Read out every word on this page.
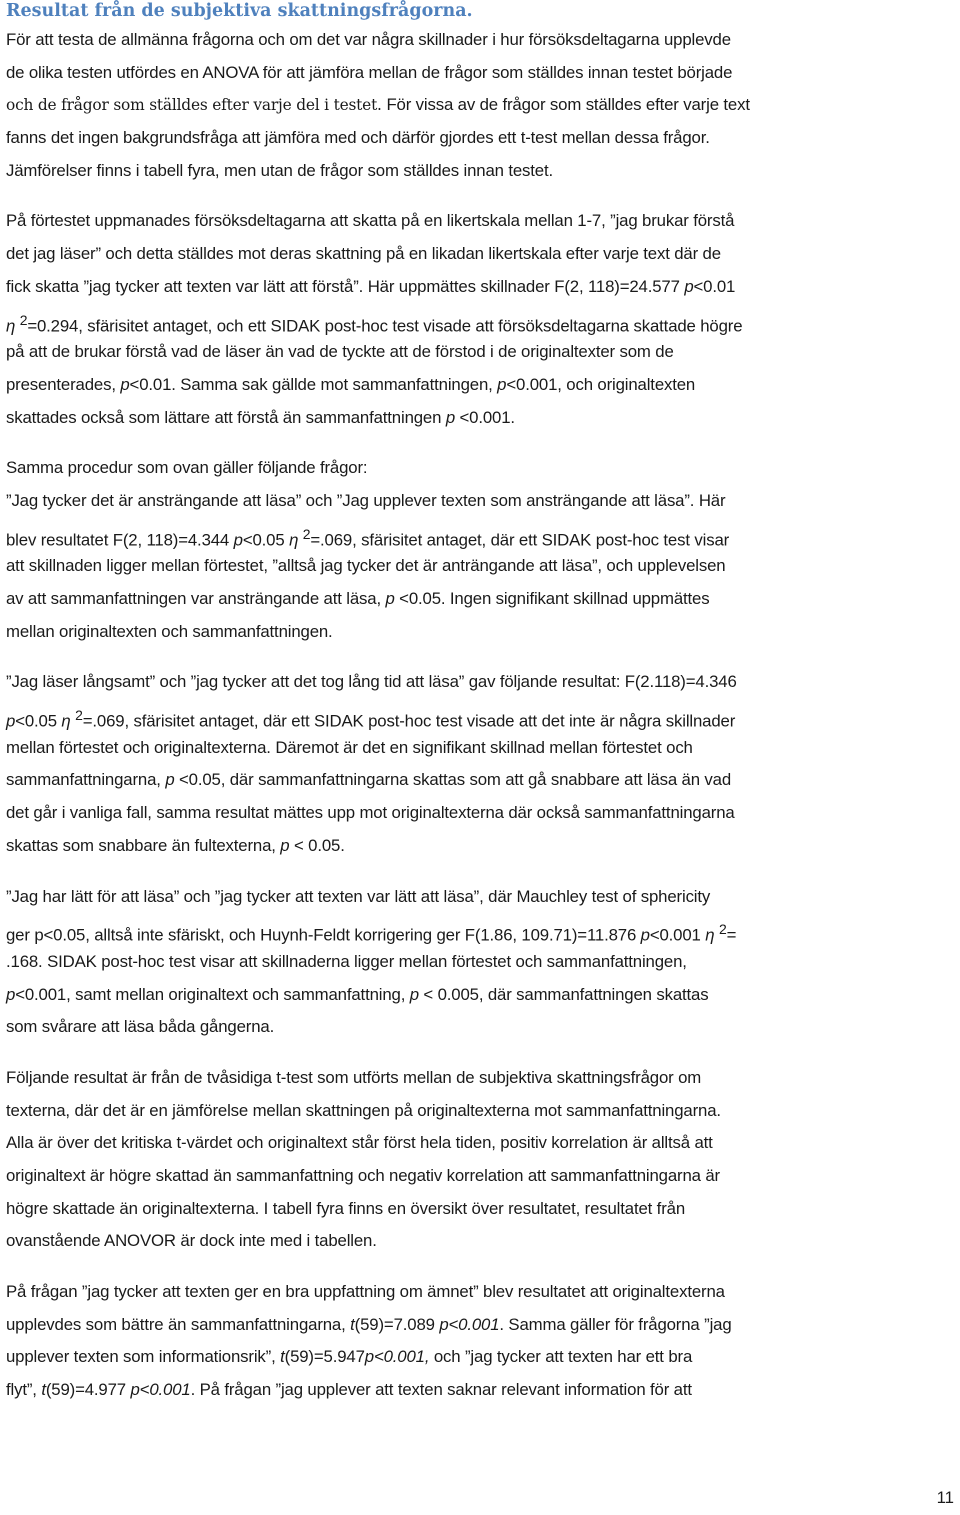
Resultat från de subjektiva skattningsfrågorna.
För att testa de allmänna frågorna och om det var några skillnader i hur försöksdeltagarna upplevde
de olika testen utfördes en ANOVA för att jämföra mellan de frågor som ställdes innan testet började
och de frågor som ställdes efter varje del i testet. För vissa av de frågor som ställdes efter varje text
fanns det ingen bakgrundsfråga att jämföra med och därför gjordes ett t-test mellan dessa frågor.
Jämförelser finns i tabell fyra, men utan de frågor som ställdes innan testet.
På förtestet uppmanades försöksdeltagarna att skatta på en likertskala mellan 1-7, ”jag brukar förstå
det jag läser” och detta ställdes mot deras skattning på en likadan likertskala efter varje text där de
fick skatta ”jag tycker att texten var lätt att förstå”. Här uppmättes skillnader F(2, 118)=24.577 p<0.01
η $^2$=0.294, sfärisitet antaget, och ett SIDAK post-hoc test visade att försöksdeltagarna skattade högre
på att de brukar förstå vad de läser än vad de tyckte att de förstod i de originaltexter som de
presenterades, p<0.01. Samma sak gällde mot sammanfattningen, p<0.001, och originaltexten
skattades också som lättare att förstå än sammanfattningen p <0.001.
Samma procedur som ovan gäller följande frågor:
”Jag tycker det är ansträngande att läsa” och ”Jag upplever texten som ansträngande att läsa”. Här
blev resultatet F(2, 118)=4.344 p<0.05 η $^2$=.069, sfärisitet antaget, där ett SIDAK post-hoc test visar
att skillnaden ligger mellan förtestet, ”alltså jag tycker det är anträngande att läsa”, och upplevelsen
av att sammanfattningen var ansträngande att läsa, p <0.05. Ingen signifikant skillnad uppmättes
mellan originaltexten och sammanfattningen.
”Jag läser långsamt” och ”jag tycker att det tog lång tid att läsa” gav följande resultat: F(2.118)=4.346
p<0.05 η $^2$=.069, sfärisitet antaget, där ett SIDAK post-hoc test visade att det inte är några skillnader
mellan förtestet och originaltexterna. Däremot är det en signifikant skillnad mellan förtestet och
sammanfattningarna, p <0.05, där sammanfattningarna skattas som att gå snabbare att läsa än vad
det går i vanliga fall, samma resultat mättes upp mot originaltexterna där också sammanfattningarna
skattas som snabbare än fultexterna, p < 0.05.
”Jag har lätt för att läsa” och ”jag tycker att texten var lätt att läsa”, där Mauchley test of sphericity
ger p<0.05, alltså inte sfäriskt, och Huynh-Feldt korrigering ger F(1.86, 109.71)=11.876 p<0.001 η $^2$=
.168. SIDAK post-hoc test visar att skillnaderna ligger mellan förtestet och sammanfattningen,
p<0.001, samt mellan originaltext och sammanfattning, p < 0.005, där sammanfattningen skattas
som svårare att läsa båda gångerna.
Följande resultat är från de tvåsidiga t-test som utförts mellan de subjektiva skattningsfrågor om
texterna, där det är en jämförelse mellan skattningen på originaltexterna mot sammanfattningarna.
Alla är över det kritiska t-värdet och originaltext står först hela tiden, positiv korrelation är alltså att
originaltext är högre skattad än sammanfattning och negativ korrelation att sammanfattningarna är
högre skattade än originaltexterna. I tabell fyra finns en översikt över resultatet, resultatet från
ovanstående ANOVOR är dock inte med i tabellen.
På frågan ”jag tycker att texten ger en bra uppfattning om ämnet” blev resultatet att originaltexterna
upplevdes som bättre än sammanfattningarna, t(59)=7.089 p<0.001. Samma gäller för frågorna ”jag
upplever texten som informationsrik”, t(59)=5.947p<0.001, och ”jag tycker att texten har ett bra
flyt”, t(59)=4.977 p<0.001. På frågan ”jag upplever att texten saknar relevant information för att
11
